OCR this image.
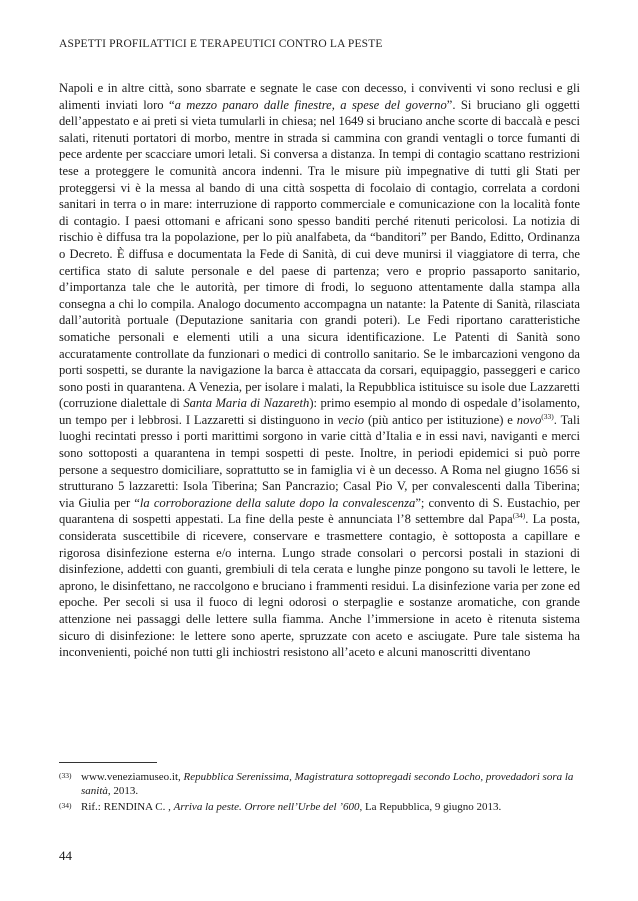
ASPETTI PROFILATTICI E TERAPEUTICI CONTRO LA PESTE

Napoli e in altre città, sono sbarrate e segnate le case con decesso, i conviventi vi sono reclusi e gli alimenti inviati loro “a mezzo panaro dalle finestre, a spese del governo”. Si bruciano gli oggetti dell’appestato e ai preti si vieta tumularli in chiesa; nel 1649 si bruciano anche scorte di baccalà e pesci salati, ritenuti portatori di morbo, mentre in strada si cammina con grandi ventagli o torce fumanti di pece ardente per scacciare umori letali. Si conversa a distanza. In tempi di contagio scattano restrizioni tese a proteggere le comunità ancora indenni. Tra le misure più impegnative di tutti gli Stati per proteggersi vi è la messa al bando di una città sospetta di focolaio di contagio, correlata a cordoni sanitari in terra o in mare: interruzione di rapporto commerciale e comunicazione con la località fonte di contagio. I paesi ottomani e africani sono spesso banditi perché ritenuti pericolosi. La notizia di rischio è diffusa tra la popolazione, per lo più analfabeta, da “banditori” per Bando, Editto, Ordinanza o Decreto. È diffusa e documentata la Fede di Sanità, di cui deve munirsi il viaggiatore di terra, che certifica stato di salute personale e del paese di partenza; vero e proprio passaporto sanitario, d’importanza tale che le autorità, per timore di frodi, lo seguono attentamente dalla stampa alla consegna a chi lo compila. Analogo documento accompagna un natante: la Patente di Sanità, rilasciata dall’autorità portuale (Deputazione sanitaria con grandi poteri). Le Fedi riportano caratteristiche somatiche personali e elementi utili a una sicura identificazione. Le Patenti di Sanità sono accuratamente controllate da funzionari o medici di controllo sanitario. Se le imbarcazioni vengono da porti sospetti, se durante la navigazione la barca è attaccata da corsari, equipaggio, passeggeri e carico sono posti in quarantena. A Venezia, per isolare i malati, la Repubblica istituisce su isole due Lazzaretti (corruzione dialettale di Santa Maria di Nazareth): primo esempio al mondo di ospedale d’isolamento, un tempo per i lebbrosi. I Lazzaretti si distinguono in vecio (più antico per istituzione) e novo$^{(33)}$. Tali luoghi recintati presso i porti marittimi sorgono in varie città d’Italia e in essi navi, naviganti e merci sono sottoposti a quarantena in tempi sospetti di peste. Inoltre, in periodi epidemici si può porre persone a sequestro domiciliare, soprattutto se in famiglia vi è un decesso. A Roma nel giugno 1656 si strutturano 5 lazzaretti: Isola Tiberina; San Pancrazio; Casal Pio V, per convalescenti dalla Tiberina; via Giulia per “la corroborazione della salute dopo la convalescenza”; convento di S. Eustachio, per quarantena di sospetti appestati. La fine della peste è annunciata l’8 settembre dal Papa$^{(34)}$. La posta, considerata suscettibile di ricevere, conservare e trasmettere contagio, è sottoposta a capillare e rigorosa disinfezione esterna e/o interna. Lungo strade consolari o percorsi postali in stazioni di disinfezione, addetti con guanti, grembiuli di tela cerata e lunghe pinze pongono su tavoli le lettere, le aprono, le disinfettano, ne raccolgono e bruciano i frammenti residui. La disinfezione varia per zone ed epoche. Per secoli si usa il fuoco di legni odorosi o sterpaglie e sostanze aromatiche, con grande attenzione nei passaggi delle lettere sulla fiamma. Anche l’immersione in aceto è ritenuta sistema sicuro di disinfezione: le lettere sono aperte, spruzzate con aceto e asciugate. Pure tale sistema ha inconvenienti, poiché non tutti gli inchiostri resistono all’aceto e alcuni manoscritti diventano

(33) www.veneziamuseo.it, Repubblica Serenissima, Magistratura sottopregadi secondo Locho, provedadori sora la sanità, 2013.
(34) Rif.: RENDINA C. , Arriva la peste. Orrore nell’Urbe del ’600, La Repubblica, 9 giugno 2013.
44
